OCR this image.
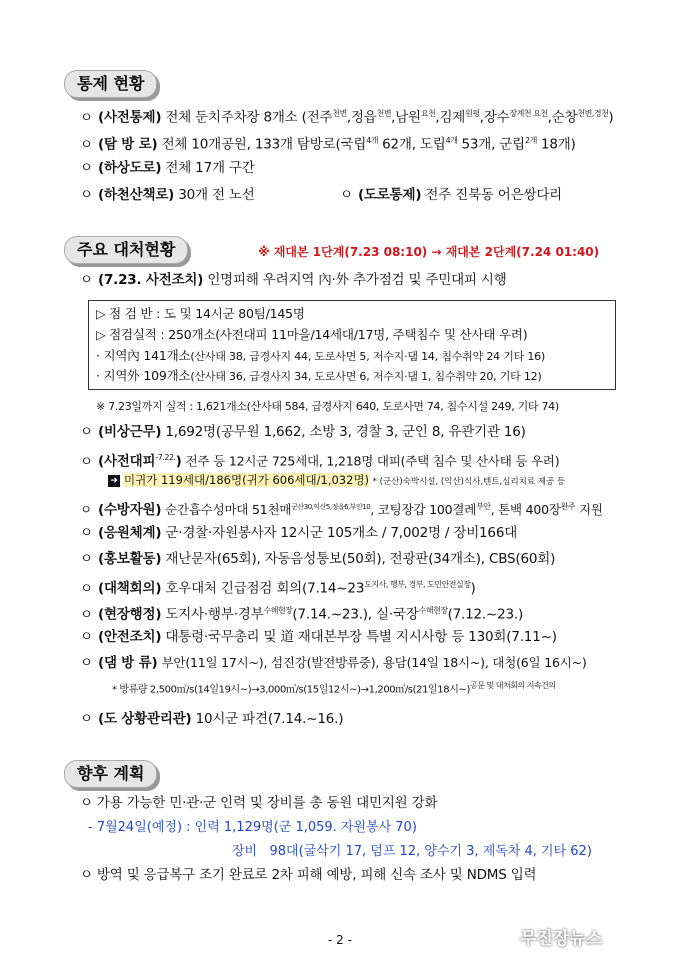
통제 현황
ㅇ (사전통제) 전체 둔치주차장 8개소 (전주$^{천변}$,정읍$^{천변}$,남원$^{요천}$,김제$^{원평}$,장수$^{장계천 요천}$,순창$^{천변,경천}$)
ㅇ (탐 방 로) 전체 10개공원, 133개 탐방로(국립$^{4개}$ 62개, 도립$^{4개}$ 53개, 군립$^{2개}$ 18개)
ㅇ (하상도로) 전체 17개 구간
ㅇ (하천산책로) 30개 전 노선	ㅇ (도로통제) 전주 진북동 어은쌍다리
주요 대처현황	※ 재대본 1단계(7.23 08:10) → 재대본 2단계(7.24 01:40)
ㅇ (7.23. 사전조치) 인명피해 우려지역 內·外 추가점검 및 주민대피 시행
▷ 점 검 반 : 도 및 14시군 80팀/145명
▷ 점검실적 : 250개소(사전대피 11마을/14세대/17명, 주택침수 및 산사태 우려)
· 지역內 141개소(산사태 38, 급경사지 44, 도로사면 5, 저수지·댐 14, 침수취약 24 기타 16)
· 지역外 109개소(산사태 36, 급경사지 34, 도로사면 6, 저수지·댐 1, 침수취약 20, 기타 12)
※ 7.23일까지 실적 : 1,621개소(산사태 584, 급경사지 640, 도로사면 74, 침수시설 249, 기타 74)
ㅇ (비상근무) 1,692명(공무원 1,662, 소방 3, 경찰 3, 군인 8, 유관기관 16)
ㅇ (사전대피$^{-7.22.}$) 전주 등 12시군 725세대, 1,218명 대피(주택 침수 및 산사태 등 우려)
➜ 미귀가 119세대/186명(귀가 606세대/1,032명) * (군산)숙박시설, (익산)식사,텐트,심리치료 제공 등
ㅇ (수방자원) 순간흡수성마대 51천매$^{군산30,익산5,정읍6,부안10}$, 코팅장갑 100결례$^{부안}$, 톤백 400장$^{완주}$ 지원
ㅇ (응원체계) 군·경찰·자원봉사자 12시군 105개소 / 7,002명 / 장비166대
ㅇ (홍보활동) 재난문자(65회), 자동음성통보(50회), 전광판(34개소), CBS(60회)
ㅇ (대책회의) 호우대처 긴급점검 회의$(7.14\sim 23^{도지사, 행부, 경부, 도민안전실장})$
ㅇ (현장행정) 도지사·행부·경부$^{수해현장}$(7.14.~23.), 실·국장$^{수해현장}$(7.12.~23.)
ㅇ (안전조치) 대통령·국무총리 및 道 재대본부장 특별 지시사항 등 130회(7.11~)
ㅇ (댐 방 류) 부안(11일 17시~), 섬진강(발전방류중), 용담(14일 18시~), 대청(6일 16시~)
* 방류량 2,500㎥/s(14일19시~)→3,000㎥/s(15일12시~)→1,200㎥/s(21일18시~)$^{공문 및 대처회의 지속건의}$
ㅇ (도 상황관리관) 10시군 파견(7.14.~16.)
향후 계획
ㅇ 가용 가능한 민·관·군 인력 및 장비를 총 동원 대민지원 강화
- 7월24일(예정) : 인력 1,129명(군 1,059. 자원봉사 70)
장비   98대(굴삭기 17, 덤프 12, 양수기 3, 제독차 4, 기타 62)
ㅇ 방역 및 응급복구 조기 완료로 2차 피해 예방, 피해 신속 조사 및 NDMS 입력
- 2 -	무진장뉴스
